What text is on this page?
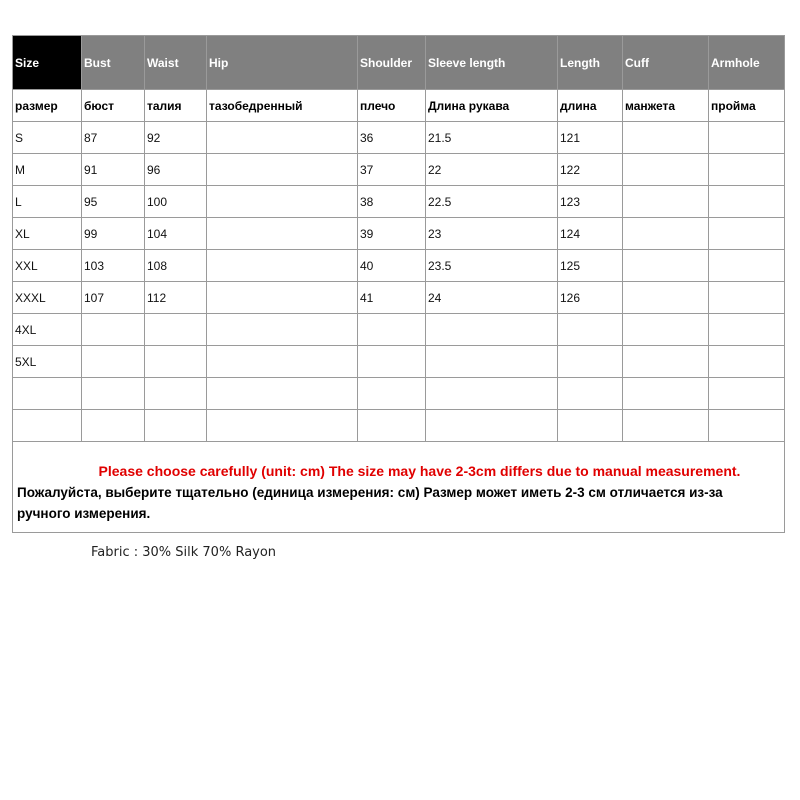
Size	Bust	Waist	Hip	Shoulder	Sleeve length	Length	Cuff	Armhole
размер	бюст	талия	тазобедренный	плечо	Длина рукава	длина	манжета	пройма
S	87	92		36	21.5	121		
M	91	96		37	22	122		
L	95	100		38	22.5	123		
XL	99	104		39	23	124		
XXL	103	108		40	23.5	125		
XXXL	107	112		41	24	126		
4XL								
5XL								

Please choose carefully (unit: cm) The size may have 2-3cm differs due to manual measurement.
Пожалуйста, выберите тщательно (единица измерения: см) Размер может иметь 2-3 см отличается из-за ручного измерения.								
Fabric : 30% Silk 70% Rayon
